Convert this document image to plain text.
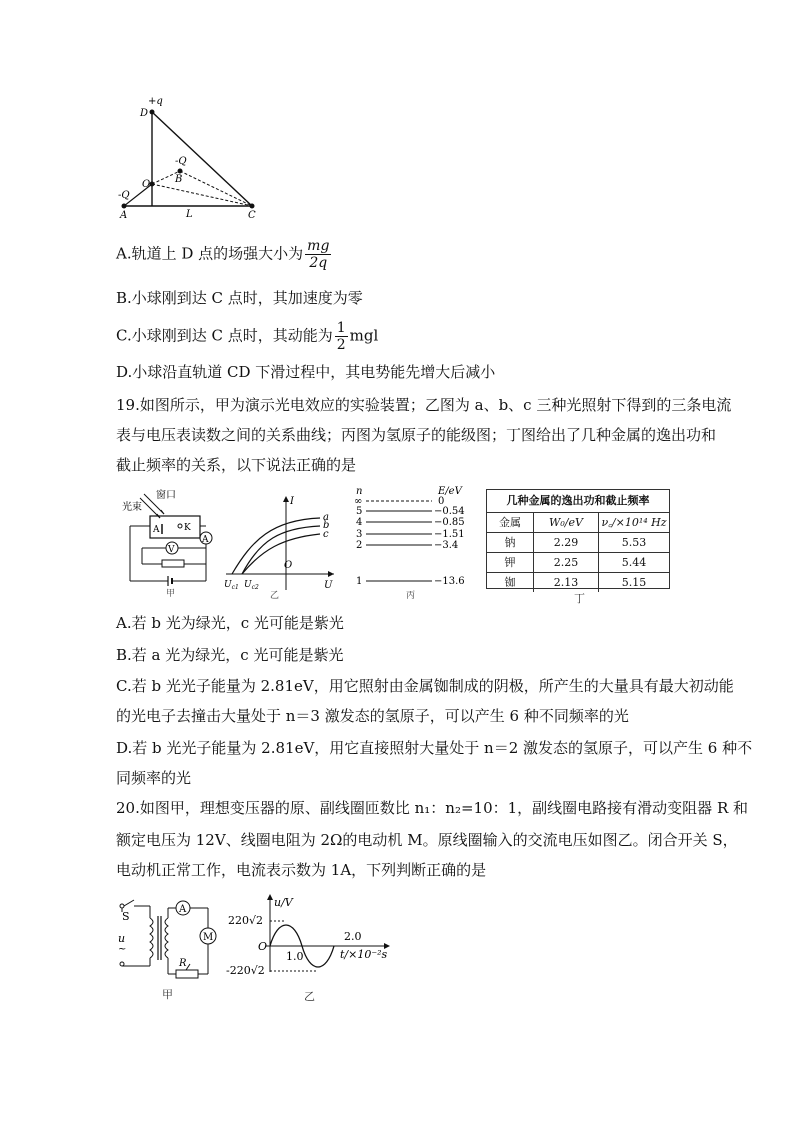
+q
D
-Q
B
O
-Q
A	L	C
A.轨道上 D 点的场强大小为 $\frac{mg}{2q}$
B.小球刚到达 C 点时，其加速度为零
C.小球刚到达 C 点时，其动能为 $\frac{1}{2}$ mgl
D.小球沿直轨道 CD 下滑过程中，其电势能先增大后减小
19.如图所示，甲为演示光电效应的实验装置；乙图为 a、b、c 三种光照射下得到的三条电流
表与电压表读数之间的关系曲线；丙图为氢原子的能级图；丁图给出了几种金属的逸出功和
截止频率的关系，以下说法正确的是
窗口
光束
A	K
A
V
甲
I
a
b
c
O
$U_{c1}$ $U_{c2}$	U
乙
n	E/eV
∞	0
5	−0.54
4	−0.85
3	−1.51
2	−3.4
1	−13.6
丙
几种金属的逸出功和截止频率
金属	W₀/eV	ν꜀/×10¹⁴ Hz
钠	2.29	5.53
钾	2.25	5.44
铷	2.13	5.15
丁
A.若 b 光为绿光，c 光可能是紫光
B.若 a 光为绿光，c 光可能是紫光
C.若 b 光光子能量为 2.81eV，用它照射由金属铷制成的阴极，所产生的大量具有最大初动能
的光电子去撞击大量处于 n＝3 激发态的氢原子，可以产生 6 种不同频率的光
D.若 b 光光子能量为 2.81eV，用它直接照射大量处于 n＝2 激发态的氢原子，可以产生 6 种不
同频率的光
20.如图甲，理想变压器的原、副线圈匝数比 n₁：n₂=10：1，副线圈电路接有滑动变阻器 R 和
额定电压为 12V、线圈电阻为 2Ω的电动机 M。原线圈输入的交流电压如图乙。闭合开关 S，
电动机正常工作，电流表示数为 1A，下列判断正确的是
S
u
~
A
M
R
甲
u/V
220√2
-220√2
O
1.0
2.0
t/×10⁻²s
乙
